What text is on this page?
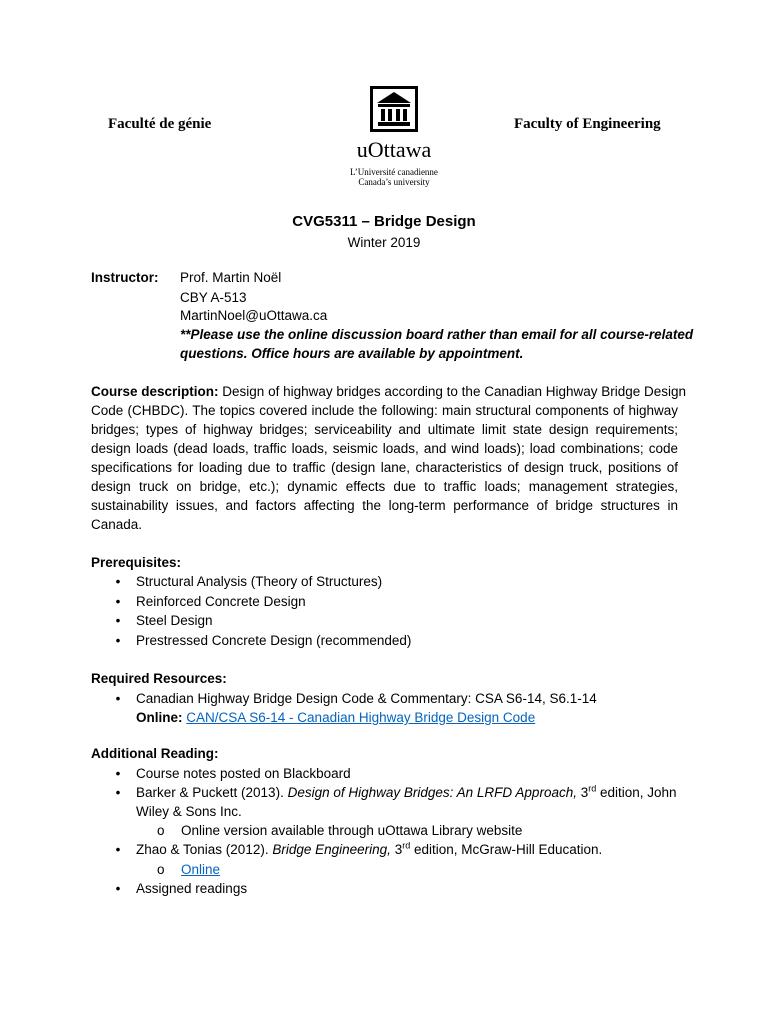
Faculté de génie	Faculty of Engineering
uOttawa
L’Université canadienne
Canada’s university
CVG5311 – Bridge Design
Winter 2019
Instructor: Prof. Martin Noël
CBY A-513
MartinNoel@uOttawa.ca
**Please use the online discussion board rather than email for all course-related
questions. Office hours are available by appointment.
Course description: Design of highway bridges according to the Canadian Highway Bridge Design
Code (CHBDC). The topics covered include the following: main structural components of highway
bridges; types of highway bridges; serviceability and ultimate limit state design requirements;
design loads (dead loads, traffic loads, seismic loads, and wind loads); load combinations; code
specifications for loading due to traffic (design lane, characteristics of design truck, positions of
design truck on bridge, etc.); dynamic effects due to traffic loads; management strategies,
sustainability issues, and factors affecting the long-term performance of bridge structures in
Canada.
Prerequisites:
• Structural Analysis (Theory of Structures)
• Reinforced Concrete Design
• Steel Design
• Prestressed Concrete Design (recommended)
Required Resources:
• Canadian Highway Bridge Design Code & Commentary: CSA S6-14, S6.1-14
Online: CAN/CSA S6-14 - Canadian Highway Bridge Design Code
Additional Reading:
• Course notes posted on Blackboard
• Barker & Puckett (2013). Design of Highway Bridges: An LRFD Approach, 3rd edition, John
Wiley & Sons Inc.
o Online version available through uOttawa Library website
• Zhao & Tonias (2012). Bridge Engineering, 3rd edition, McGraw-Hill Education.
o Online
• Assigned readings
